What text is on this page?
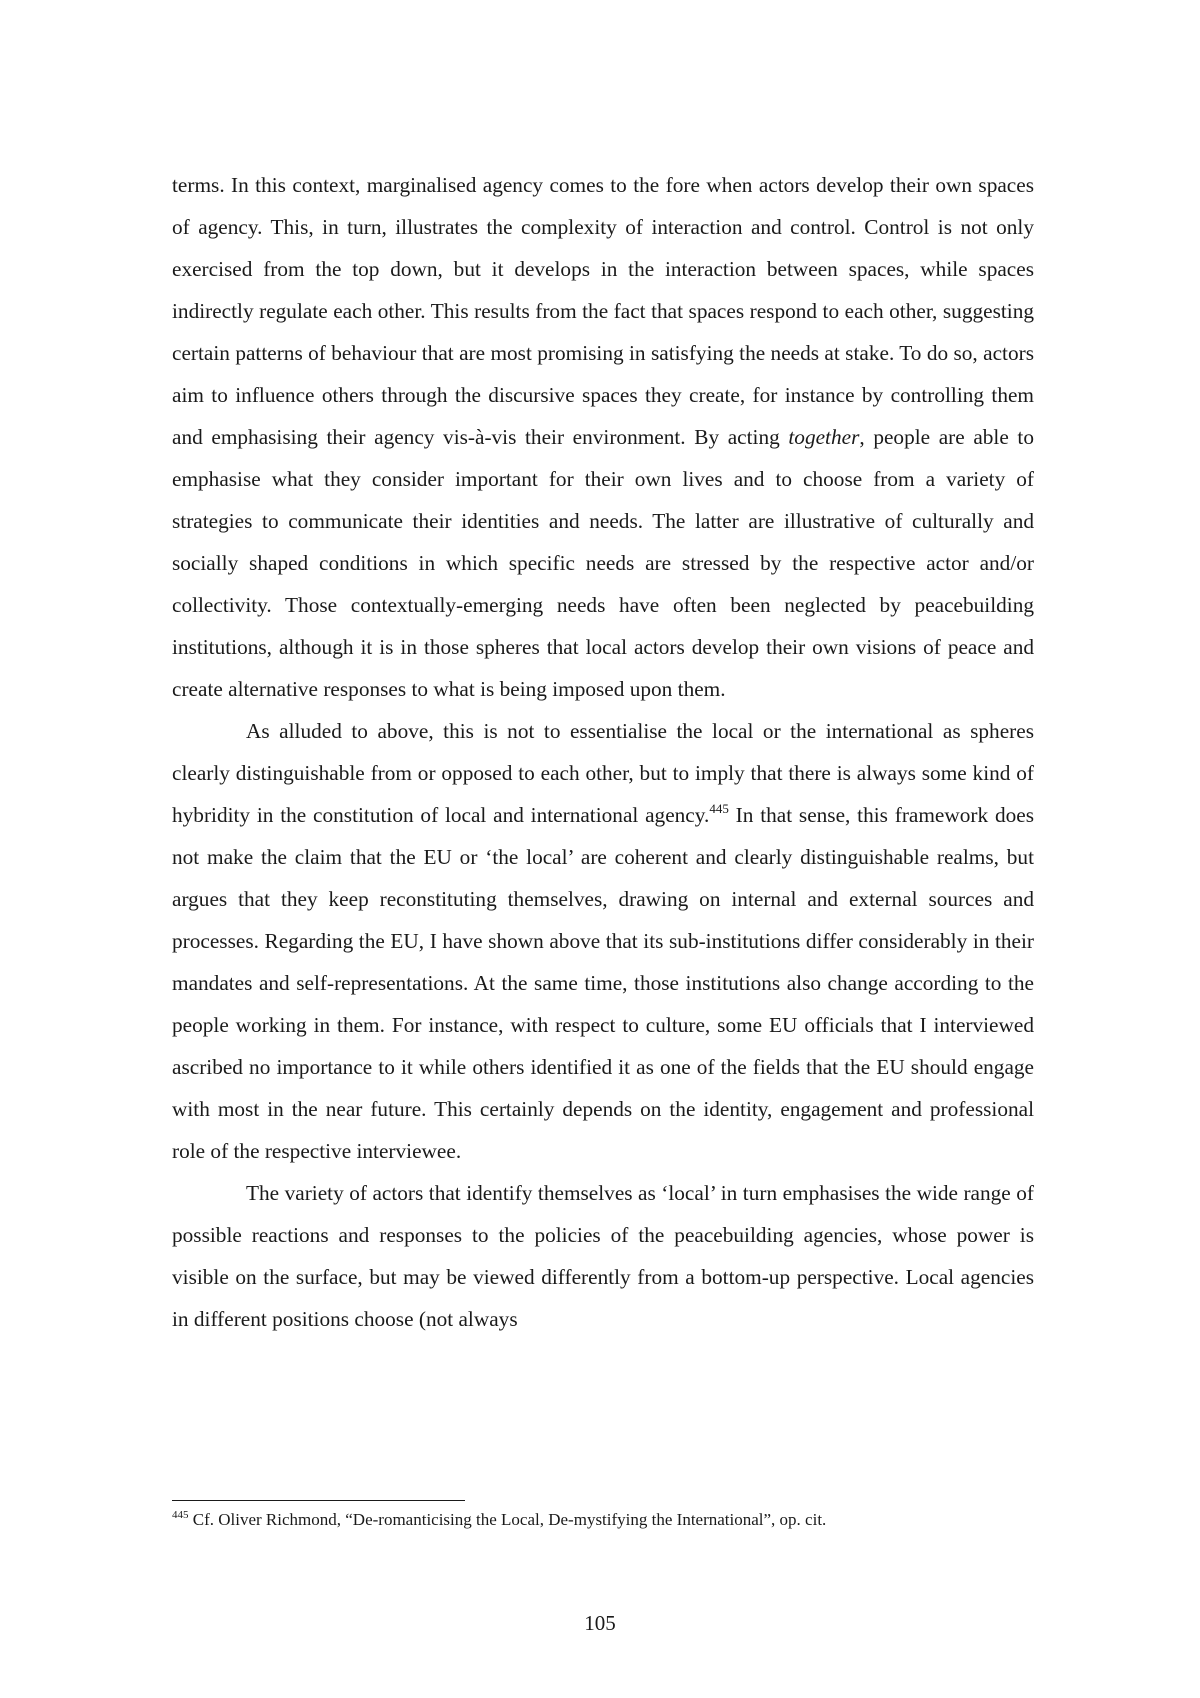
terms. In this context, marginalised agency comes to the fore when actors develop their own spaces of agency. This, in turn, illustrates the complexity of interaction and control. Control is not only exercised from the top down, but it develops in the interaction between spaces, while spaces indirectly regulate each other. This results from the fact that spaces respond to each other, suggesting certain patterns of behaviour that are most promising in satisfying the needs at stake. To do so, actors aim to influence others through the discursive spaces they create, for instance by controlling them and emphasising their agency vis-à-vis their environment. By acting together, people are able to emphasise what they consider important for their own lives and to choose from a variety of strategies to communicate their identities and needs. The latter are illustrative of culturally and socially shaped conditions in which specific needs are stressed by the respective actor and/or collectivity. Those contextually-emerging needs have often been neglected by peacebuilding institutions, although it is in those spheres that local actors develop their own visions of peace and create alternative responses to what is being imposed upon them.

As alluded to above, this is not to essentialise the local or the international as spheres clearly distinguishable from or opposed to each other, but to imply that there is always some kind of hybridity in the constitution of local and international agency.$^{445}$ In that sense, this framework does not make the claim that the EU or ‘the local’ are coherent and clearly distinguishable realms, but argues that they keep reconstituting themselves, drawing on internal and external sources and processes. Regarding the EU, I have shown above that its sub-institutions differ considerably in their mandates and self-representations. At the same time, those institutions also change according to the people working in them. For instance, with respect to culture, some EU officials that I interviewed ascribed no importance to it while others identified it as one of the fields that the EU should engage with most in the near future. This certainly depends on the identity, engagement and professional role of the respective interviewee.

The variety of actors that identify themselves as ‘local’ in turn emphasises the wide range of possible reactions and responses to the policies of the peacebuilding agencies, whose power is visible on the surface, but may be viewed differently from a bottom-up perspective. Local agencies in different positions choose (not always

$^{445}$ Cf. Oliver Richmond, “De-romanticising the Local, De-mystifying the International”, op. cit.

105
